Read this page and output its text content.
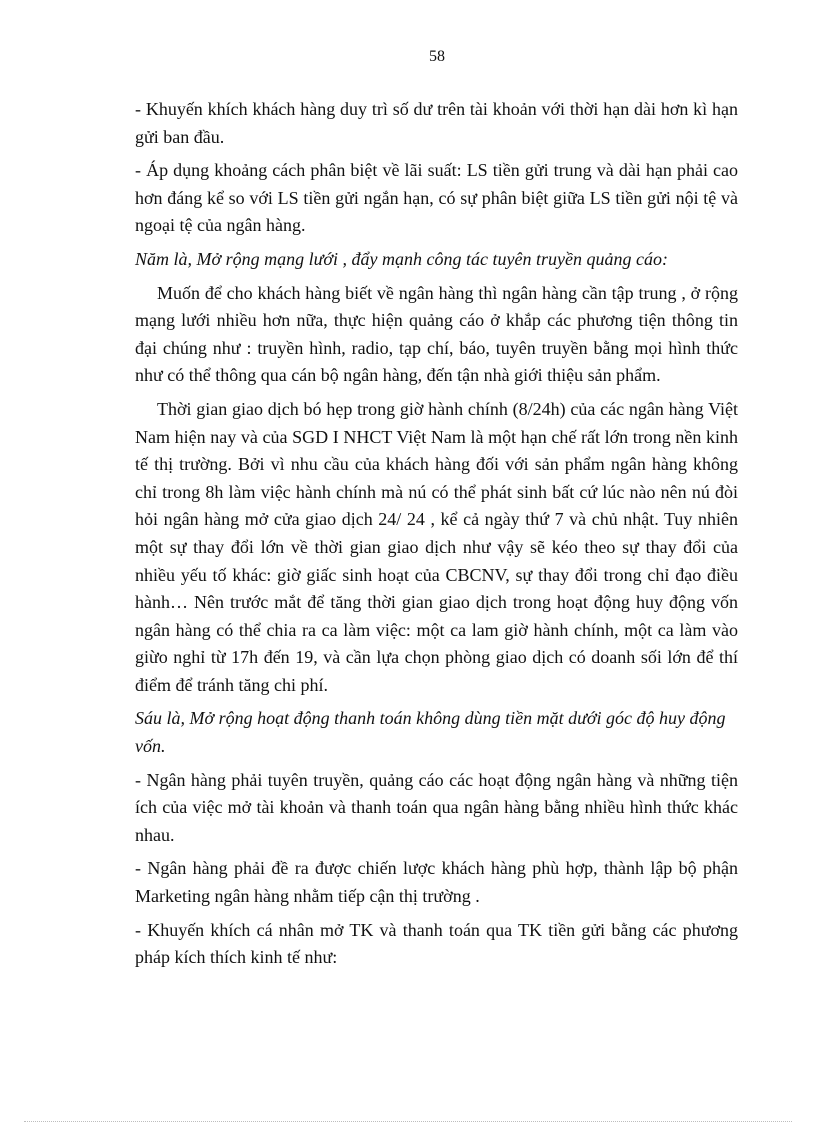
58

- Khuyến khích khách hàng duy trì số dư trên tài khoản với thời hạn dài hơn kì hạn gửi ban đầu.

- Áp dụng khoảng cách phân biệt về lãi suất: LS tiền gửi trung và dài hạn phải cao hơn đáng kể so với LS tiền gửi ngắn hạn, có sự phân biệt giữa LS tiền gửi nội tệ và ngoại tệ của ngân hàng.

Năm là, Mở rộng mạng lưới , đẩy mạnh công tác tuyên truyền quảng cáo:

Muốn để cho khách hàng biết về ngân hàng thì ngân hàng cần tập trung , ở rộng mạng lưới nhiều hơn nữa, thực hiện quảng cáo ở khắp các phương tiện thông tin đại chúng như : truyền hình, radio, tạp chí, báo, tuyên truyền bằng mọi hình thức như có thể thông qua cán bộ ngân hàng, đến tận nhà giới thiệu sản phẩm.

Thời gian giao dịch bó hẹp trong giờ hành chính (8/24h) của các ngân hàng Việt Nam hiện nay và của SGD I NHCT Việt Nam là một hạn chế rất lớn trong nền kinh tế thị trường. Bởi vì nhu cầu của khách hàng đối với sản phẩm ngân hàng không chỉ trong 8h làm việc hành chính mà nú có thể phát sinh bất cứ lúc nào nên nú đòi hỏi ngân hàng mở cửa giao dịch 24/ 24 , kể cả ngày thứ 7 và chủ nhật. Tuy nhiên một sự thay đổi lớn về thời gian giao dịch như vậy sẽ kéo theo sự thay đổi của nhiều yếu tố khác: giờ giấc sinh hoạt của CBCNV, sự thay đổi trong chỉ đạo điều hành… Nên trước mắt để tăng thời gian giao dịch trong hoạt động huy động vốn ngân hàng có thể chia ra ca làm việc: một ca lam giờ hành chính, một ca làm vào giừo nghỉ từ 17h đến 19, và cần lựa chọn phòng giao dịch có doanh sối lớn để thí điểm để tránh tăng chi phí.

Sáu là, Mở rộng hoạt động thanh toán không dùng tiền mặt dưới góc độ huy động vốn.

- Ngân hàng phải tuyên truyền, quảng cáo các hoạt động ngân hàng và những tiện ích của việc mở tài khoản và thanh toán qua ngân hàng bằng nhiều hình thức khác nhau.

- Ngân hàng phải đề ra được chiến lược khách hàng phù hợp, thành lập bộ phận Marketing ngân hàng nhằm tiếp cận thị trường .

- Khuyến khích cá nhân mở TK và thanh toán qua TK tiền gửi bằng các phương pháp kích thích kinh tế như:
